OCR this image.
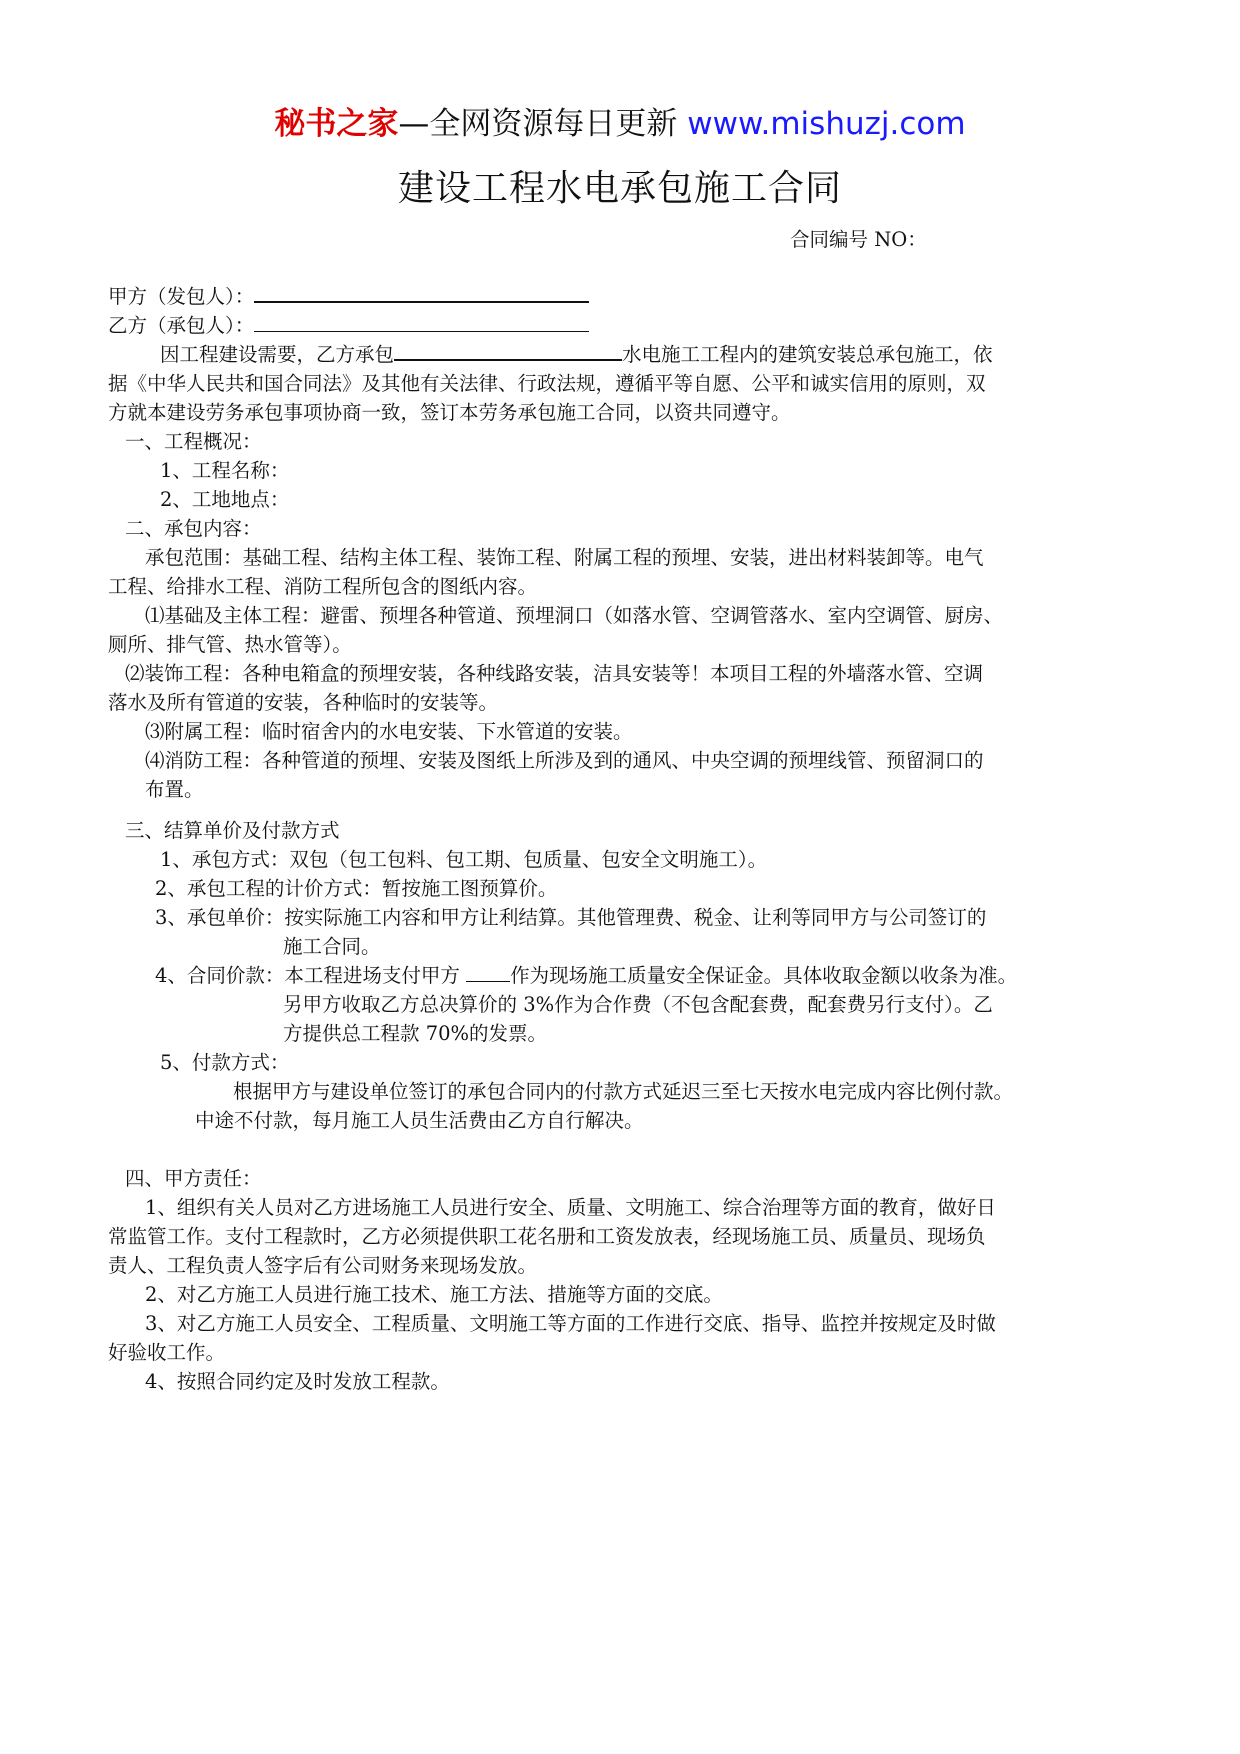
秘书之家—全网资源每日更新 www.mishuzj.com
建设工程水电承包施工合同
合同编号 NO：
甲方（发包人）：
乙方（承包人）：
因工程建设需要，乙方承包	水电施工工程内的建筑安装总承包施工，依
据《中华人民共和国合同法》及其他有关法律、行政法规，遵循平等自愿、公平和诚实信用的原则，双
方就本建设劳务承包事项协商一致，签订本劳务承包施工合同，以资共同遵守。
一、工程概况：
1、工程名称：
2、工地地点：
二、承包内容：
承包范围：基础工程、结构主体工程、装饰工程、附属工程的预埋、安装，进出材料装卸等。电气
工程、给排水工程、消防工程所包含的图纸内容。
⑴基础及主体工程：避雷、预埋各种管道、预埋洞口（如落水管、空调管落水、室内空调管、厨房、
厕所、排气管、热水管等）。
⑵装饰工程：各种电箱盒的预埋安装，各种线路安装，洁具安装等！本项目工程的外墙落水管、空调
落水及所有管道的安装，各种临时的安装等。
⑶附属工程：临时宿舍内的水电安装、下水管道的安装。
⑷消防工程：各种管道的预埋、安装及图纸上所涉及到的通风、中央空调的预埋线管、预留洞口的
布置。
三、结算单价及付款方式
1、承包方式：双包（包工包料、包工期、包质量、包安全文明施工）。
2、承包工程的计价方式：暂按施工图预算价。
3、承包单价：按实际施工内容和甲方让利结算。其他管理费、税金、让利等同甲方与公司签订的
施工合同。
4、合同价款：本工程进场支付甲方 作为现场施工质量安全保证金。具体收取金额以收条为准。
另甲方收取乙方总决算价的 3%作为合作费（不包含配套费，配套费另行支付）。乙
方提供总工程款 70%的发票。
5、付款方式：
根据甲方与建设单位签订的承包合同内的付款方式延迟三至七天按水电完成内容比例付款。
中途不付款，每月施工人员生活费由乙方自行解决。
四、甲方责任：
1、组织有关人员对乙方进场施工人员进行安全、质量、文明施工、综合治理等方面的教育，做好日
常监管工作。支付工程款时，乙方必须提供职工花名册和工资发放表，经现场施工员、质量员、现场负
责人、工程负责人签字后有公司财务来现场发放。
2、对乙方施工人员进行施工技术、施工方法、措施等方面的交底。
3、对乙方施工人员安全、工程质量、文明施工等方面的工作进行交底、指导、监控并按规定及时做
好验收工作。
4、按照合同约定及时发放工程款。
